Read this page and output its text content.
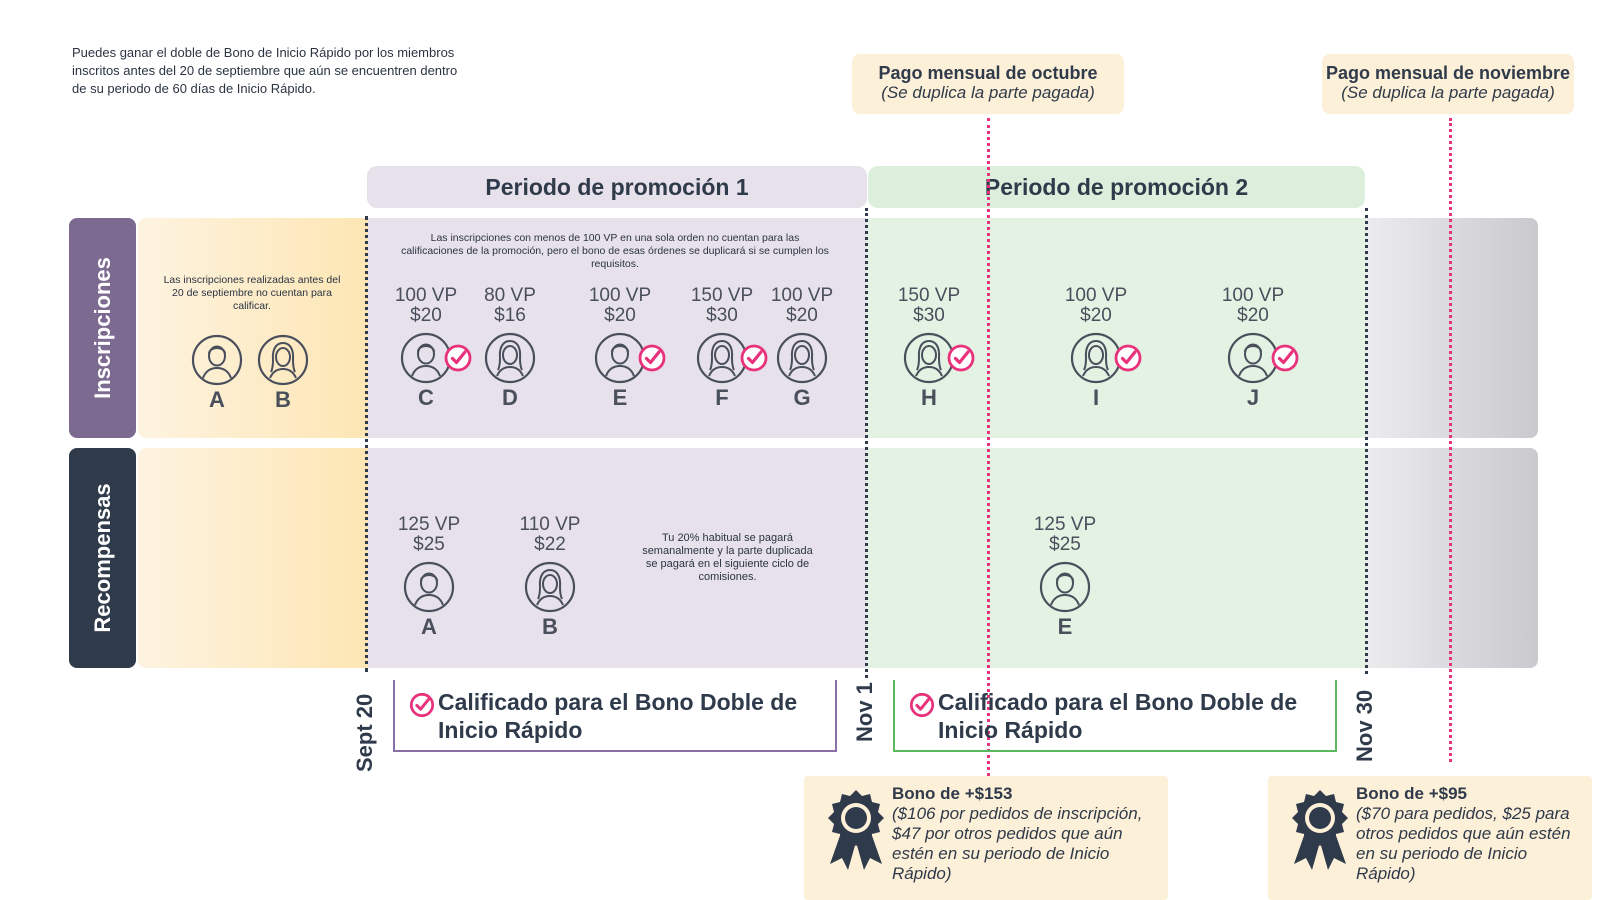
Puedes ganar el doble de Bono de Inicio Rápido por los miembros inscritos antes del 20 de septiembre que aún se encuentren dentro de su periodo de 60 días de Inicio Rápido.
Pago mensual de octubre
(Se duplica la parte pagada)
Pago mensual de noviembre
(Se duplica la parte pagada)
Periodo de promoción 1	Periodo de promoción 2
Inscripciones
Recompensas
Las inscripciones realizadas antes del 20 de septiembre no cuentan para calificar.
Las inscripciones con menos de 100 VP en una sola orden no cuentan para las calificaciones de la promoción, pero el bono de esas órdenes se duplicará si se cumplen los requisitos.
Tu 20% habitual se pagará semanalmente y la parte duplicada se pagará en el siguiente ciclo de comisiones.
A	B
100 VP
$20
C
80 VP
$16
D
100 VP
$20
E
150 VP
$30
F
100 VP
$20
G
150 VP
$30
H
100 VP
$20
I
100 VP
$20
J
125 VP
$25
A
110 VP
$22
B
125 VP
$25
E
Sept 20	Nov 1	Nov 30
Calificado para el Bono Doble de Inicio Rápido
Calificado para el Bono Doble de Inicio Rápido
Bono de +$153
($106 por pedidos de inscripción, $47 por otros pedidos que aún estén en su periodo de Inicio Rápido)
Bono de +$95
($70 para pedidos, $25 para otros pedidos que aún estén en su periodo de Inicio Rápido)
